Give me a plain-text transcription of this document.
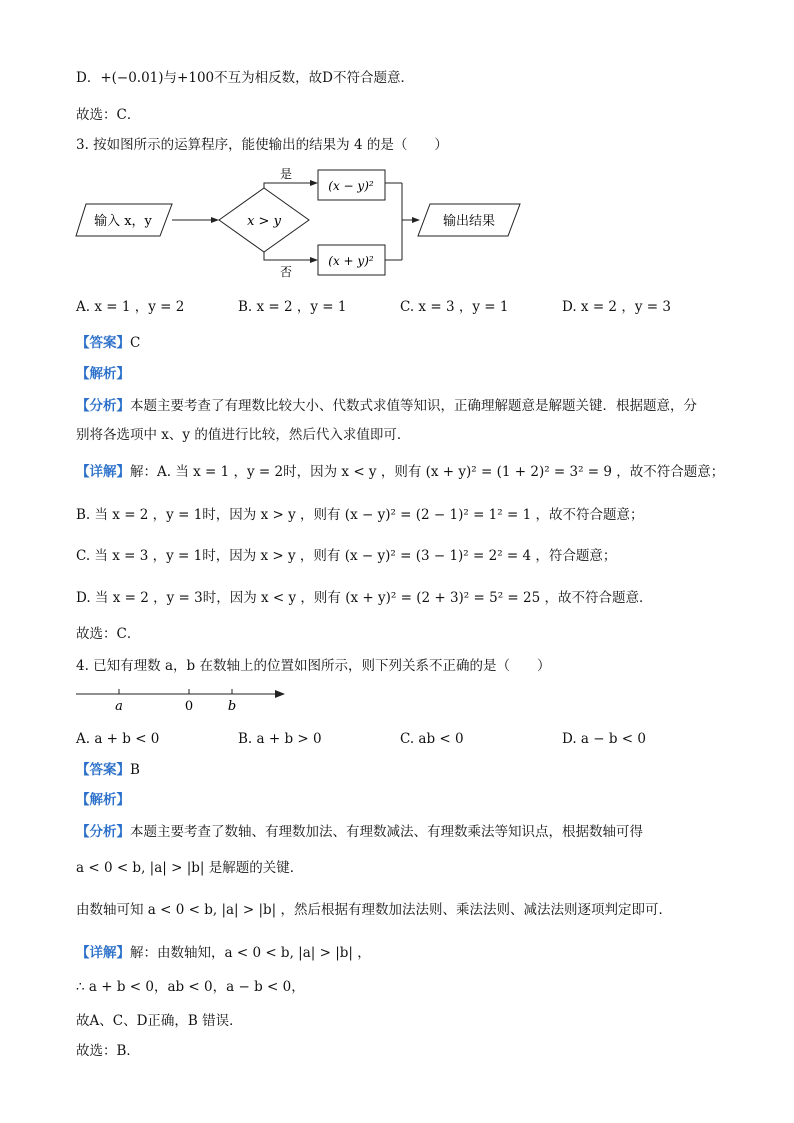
D．+(−0.01)与+100不互为相反数，故D不符合题意．
故选：C．
3. 按如图所示的运算程序，能使输出的结果为 4 的是（　　）
输入 x，y	x > y
是
否
(x − y)²
(x + y)²
输出结果
A. x = 1 ，y = 2	B. x = 2 ，y = 1	C. x = 3 ，y = 1	D. x = 2 ，y = 3
【答案】C
【解析】
【分析】本题主要考查了有理数比较大小、代数式求值等知识，正确理解题意是解题关键．根据题意，分
别将各选项中 x、y 的值进行比较，然后代入求值即可．
【详解】解：A. 当 x = 1 ，y = 2时，因为 x < y ，则有 (x + y)² = (1 + 2)² = 3² = 9 ，故不符合题意；
B. 当 x = 2 ，y = 1时，因为 x > y ，则有 (x − y)² = (2 − 1)² = 1² = 1 ，故不符合题意；
C. 当 x = 3 ，y = 1时，因为 x > y ，则有 (x − y)² = (3 − 1)² = 2² = 4 ，符合题意；
D. 当 x = 2 ，y = 3时，因为 x < y ，则有 (x + y)² = (2 + 3)² = 5² = 25 ，故不符合题意．
故选：C．
4. 已知有理数 a，b 在数轴上的位置如图所示，则下列关系不正确的是（　　）
a	0	b
A. a + b < 0	B. a + b > 0	C. ab < 0	D. a − b < 0
【答案】B
【解析】
【分析】本题主要考查了数轴、有理数加法、有理数减法、有理数乘法等知识点，根据数轴可得
a < 0 < b, |a| > |b| 是解题的关键．
由数轴可知 a < 0 < b, |a| > |b| ，然后根据有理数加法法则、乘法法则、减法法则逐项判定即可．
【详解】解：由数轴知，a < 0 < b, |a| > |b| ，
∴ a + b < 0，ab < 0，a − b < 0，
故A、C、D正确，B 错误．
故选：B．
